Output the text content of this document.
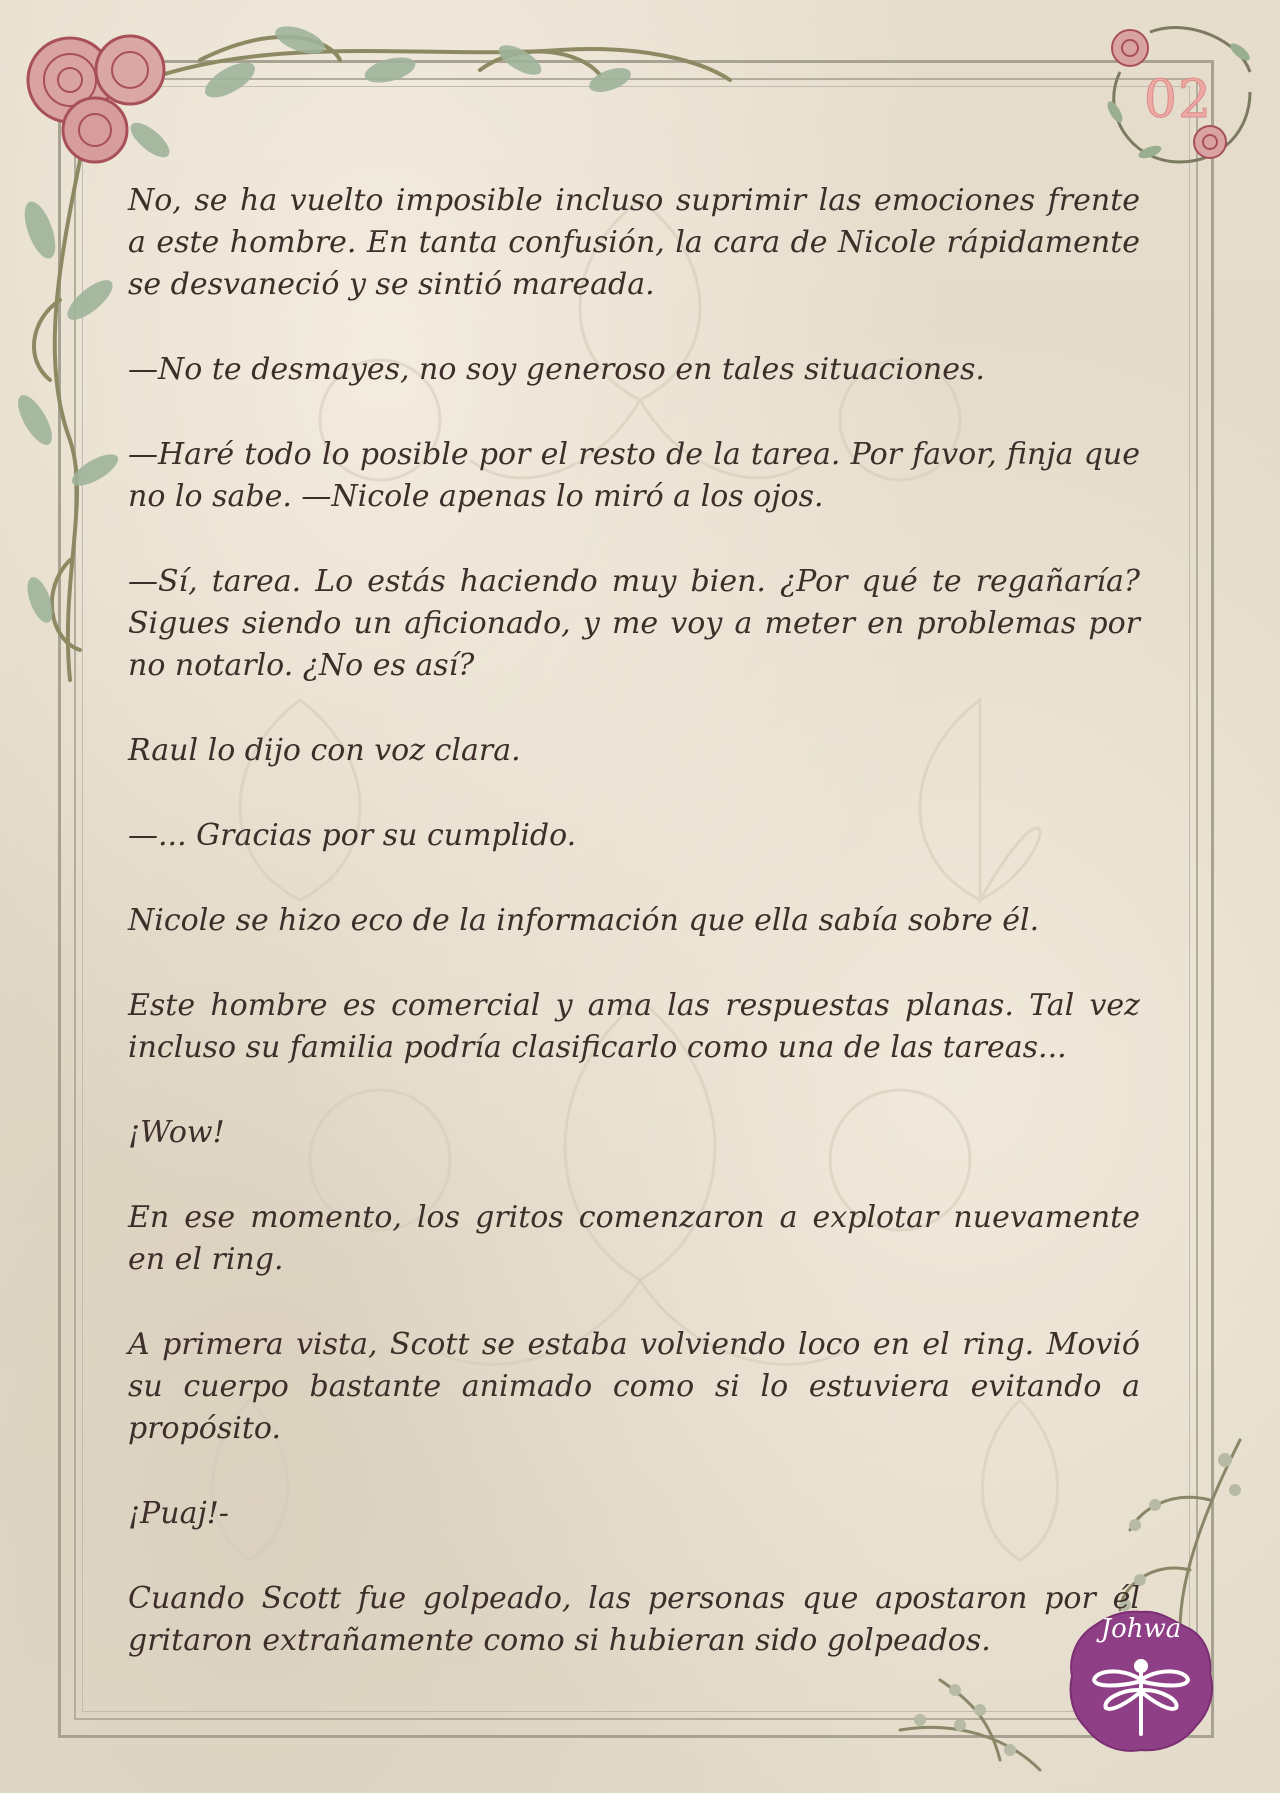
02

No, se ha vuelto imposible incluso suprimir las emociones frente a este hombre. En tanta confusión, la cara de Nicole rápidamente se desvaneció y se sintió mareada.

—No te desmayes, no soy generoso en tales situaciones.

—Haré todo lo posible por el resto de la tarea. Por favor, finja que no lo sabe. —Nicole apenas lo miró a los ojos.

—Sí, tarea. Lo estás haciendo muy bien. ¿Por qué te regañaría? Sigues siendo un aficionado, y me voy a meter en problemas por no notarlo. ¿No es así?

Raul lo dijo con voz clara.

—... Gracias por su cumplido.

Nicole se hizo eco de la información que ella sabía sobre él.

Este hombre es comercial y ama las respuestas planas. Tal vez incluso su familia podría clasificarlo como una de las tareas...

¡Wow!

En ese momento, los gritos comenzaron a explotar nuevamente en el ring.

A primera vista, Scott se estaba volviendo loco en el ring. Movió su cuerpo bastante animado como si lo estuviera evitando a propósito.

¡Puaj!-

Cuando Scott fue golpeado, las personas que apostaron por él gritaron extrañamente como si hubieran sido golpeados.	Johwa
